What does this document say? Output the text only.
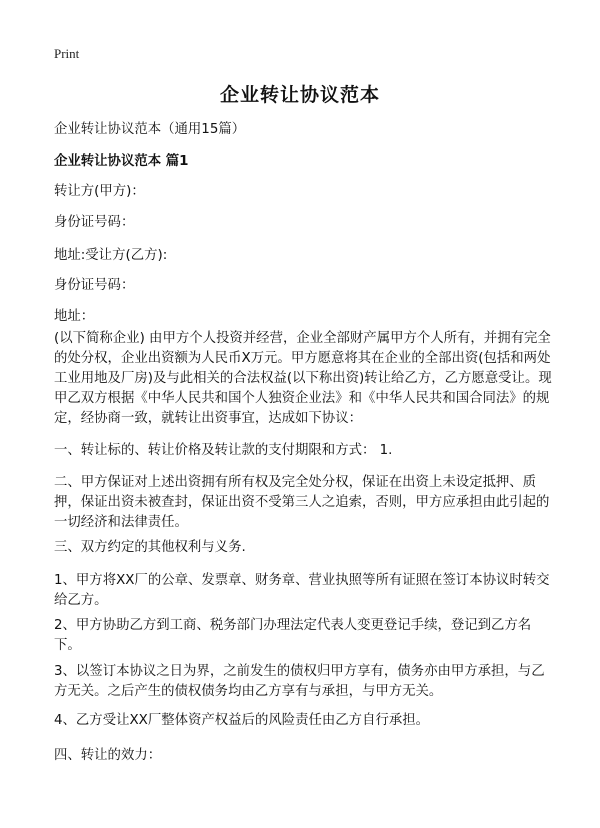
Print
企业转让协议范本

企业转让协议范本（通用15篇）

企业转让协议范本 篇1

转让方(甲方)：

身份证号码：

地址:受让方(乙方):

身份证号码：

地址：

(以下简称企业) 由甲方个人投资并经营，企业全部财产属甲方个人所有，并拥有完全的处分权，企业出资额为人民币X万元。甲方愿意将其在企业的全部出资(包括和两处工业用地及厂房)及与此相关的合法权益(以下称出资)转让给乙方，乙方愿意受让。现甲乙双方根据《中华人民共和国个人独资企业法》和《中华人民共和国合同法》的规定，经协商一致，就转让出资事宜，达成如下协议：

一、转让标的、转让价格及转让款的支付期限和方式： 1.

二、甲方保证对上述出资拥有所有权及完全处分权，保证在出资上未设定抵押、质押，保证出资未被查封，保证出资不受第三人之追索，否则，甲方应承担由此引起的一切经济和法律责任。

三、双方约定的其他权利与义务.

1、甲方将XX厂的公章、发票章、财务章、营业执照等所有证照在签订本协议时转交给乙方。

2、甲方协助乙方到工商、税务部门办理法定代表人变更登记手续，登记到乙方名下。

3、以签订本协议之日为界，之前发生的债权归甲方享有，债务亦由甲方承担，与乙方无关。之后产生的债权债务均由乙方享有与承担，与甲方无关。

4、乙方受让XX厂整体资产权益后的风险责任由乙方自行承担。

四、转让的效力：
